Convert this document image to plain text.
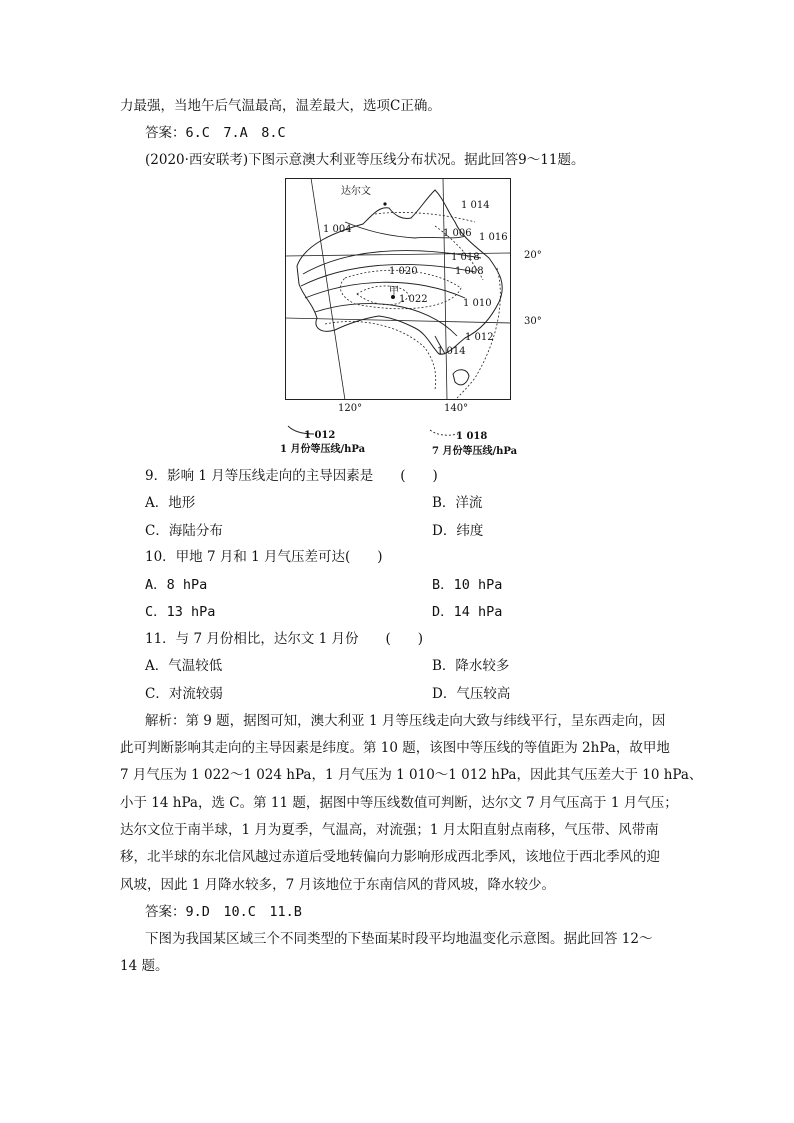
力最强，当地午后气温最高，温差最大，选项C正确。
答案：6.C　7.A　8.C
(2020·西安联考)下图示意澳大利亚等压线分布状况。据此回答9～11题。
达尔文
甲
1 014
1 004	1 006 1 016
1 018
1 020	1 008
1 022	1 010
1 012
1 014
20°
30°
120°	140°
1 012
1 月份等压线/hPa
1 018
7 月份等压线/hPa
9．影响 1 月等压线走向的主导因素是　　(　　)
A．地形	B．洋流
C．海陆分布	D．纬度
10．甲地 7 月和 1 月气压差可达(　　)
A．8 hPa	B．10 hPa
C．13 hPa	D．14 hPa
11．与 7 月份相比，达尔文 1 月份　　(　　)
A．气温较低	B．降水较多
C．对流较弱	D．气压较高
解析：第 9 题，据图可知，澳大利亚 1 月等压线走向大致与纬线平行，呈东西走向，因
此可判断影响其走向的主导因素是纬度。第 10 题，该图中等压线的等值距为 2hPa，故甲地
7 月气压为 1 022～1 024 hPa，1 月气压为 1 010～1 012 hPa，因此其气压差大于 10 hPa、
小于 14 hPa，选 C。第 11 题，据图中等压线数值可判断，达尔文 7 月气压高于 1 月气压；
达尔文位于南半球，1 月为夏季，气温高，对流强；1 月太阳直射点南移，气压带、风带南
移，北半球的东北信风越过赤道后受地转偏向力影响形成西北季风，该地位于西北季风的迎
风坡，因此 1 月降水较多，7 月该地位于东南信风的背风坡，降水较少。
答案：9.D　10.C　11.B
下图为我国某区域三个不同类型的下垫面某时段平均地温变化示意图。据此回答 12～
14 题。
